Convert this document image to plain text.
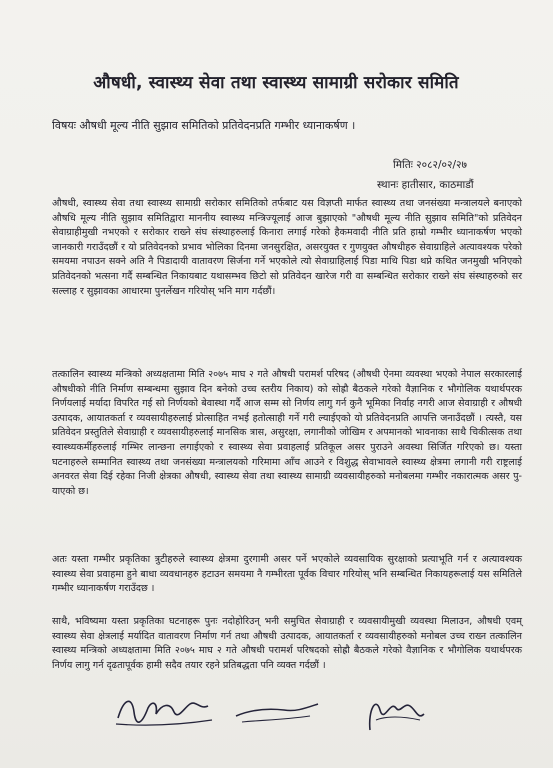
औषधी, स्वास्थ्य सेवा तथा स्वास्थ्य सामाग्री सरोकार समिति
विषयः औषधी मूल्य नीति सुझाव समितिको प्रतिवेदनप्रति गम्भीर ध्यानाकर्षण ।
मितिः २०८२/०२/२७
स्थानः हातीसार, काठमाडौं
औषधी, स्वास्थ्य सेवा तथा स्वास्थ्य सामाग्री सरोकार समितिको तर्फबाट यस विज्ञप्ती मार्फत स्वास्थ्य तथा जनसंख्या मन्त्रालयले बनाएको औषधि मूल्य नीति सुझाव समितिद्वारा माननीय स्वास्थ्य मन्त्रिज्यूलाई आज बुझाएको "औषधी मूल्य नीति सुझाव समिति"को प्रतिवेदन सेवाग्राहीमुखी नभएको र सरोकार राख्ने संघ संस्थाहरुलाई किनारा लगाई गरेको हैकमवादी नीति प्रति हाम्रो गम्भीर ध्यानाकर्षण भएको जानकारी गराउँदछौं र यो प्रतिवेदनको प्रभाव भोलिका दिनमा जनसुरक्षित, असरयुक्त र गुणयुक्त औषधीहरु सेवाग्राहिले अत्यावश्यक परेको समयमा नपाउन सक्ने अति नै पिडादायी वातावरण सिर्जना गर्ने भएकोले त्यो सेवाग्राहिलाई पिडा माथि पिडा थप्ने कथित जनमुखी भनिएको प्रतिवेदनको भत्सना गर्दै सम्बन्धित निकायबाट यथासम्भव छिटो सो प्रतिवेदन खारेज गरी वा सम्बन्धित सरोकार राख्ने संघ संस्थाहरुको सर सल्लाह र सुझावका आधारमा पुनर्लेखन गरियोस् भनि माग गर्दछौं।
तत्कालिन स्वास्थ्य मन्त्रिको अध्यक्षतामा मिति २०७५ माघ २ गते औषधी परामर्श परिषद (औषधी ऐनमा व्यवस्था भएको नेपाल सरकारलाई औषधीको नीति निर्माण सम्बन्धमा सुझाव दिन बनेको उच्च स्तरीय निकाय) को सोह्रौ बैठकले गरेको वैज्ञानिक र भौगोलिक यथार्थपरक निर्णयलाई मर्यादा विपरित गई सो निर्णयको बेवास्था गर्दै आज सम्म सो निर्णय लागु गर्न कुनै भूमिका निर्वाह नगरी आज सेवाग्राही र औषधी उत्पादक, आयातकर्ता र व्यवसायीहरुलाई प्रोत्साहित नभई हतोत्साही गर्ने गरी ल्याईएको यो प्रतिवेदनप्रति आपत्ति जनाउँदछौं । त्यस्तै, यस प्रतिवेदन प्रस्तुतिले सेवाग्राही र व्यवसायीहरुलाई मानसिक त्रास, असुरक्षा, लगानीको जोखिम र अपमानको भावनाका साथै चिकीत्सक तथा स्वास्थ्यकर्मीहरुलाई गम्भिर लान्छना लगाईएको र स्वास्थ्य सेवा प्रवाहलाई प्रतिकूल असर पुराउने अवस्था सिर्जित गरिएको छ। यस्ता घटनाहरुले सम्मानित स्वास्थ्य तथा जनसंख्या मन्त्रालयको गरिमामा आँच आउने र विशुद्ध सेवाभावले स्वास्थ्य क्षेत्रमा लगानी गरी राष्ट्रलाई अनवरत सेवा दिई रहेका निजी क्षेत्रका औषधी, स्वास्थ्य सेवा तथा स्वास्थ्य सामाग्री व्यवसायीहरुको मनोबलमा गम्भीर नकारात्मक असर पु-याएको छ।
अतः यस्ता गम्भीर प्रकृतिका त्रुटीहरुले स्वास्थ्य क्षेत्रमा दुरगामी असर पर्ने भएकोले व्यवसायिक सुरक्षाको प्रत्याभूति गर्न र अत्यावश्यक स्वास्थ्य सेवा प्रवाहमा हुने बाधा व्यवधानहरु हटाउन समयमा नै गम्भीरता पूर्वक विचार गरियोस् भनि सम्बन्धित निकायहरूलाई यस समितिले गम्भीर ध्यानाकर्षण गराउँदछ ।
साथै, भविष्यमा यस्ता प्रकृतिका घटनाहरू पुनः नदोहोरिउन् भनी समुचित सेवाग्राही र व्यवसायीमुखी व्यवस्था मिलाउन, औषधी एवम् स्वास्थ्य सेवा क्षेत्रलाई मर्यादित वातावरण निर्माण गर्न तथा औषधी उत्पादक, आयातकर्ता र व्यवसायीहरुको मनोबल उच्च राख्न तत्कालिन स्वास्थ्य मन्त्रिको अध्यक्षतामा मिति २०७५ माघ २ गते औषधी परामर्श परिषदको सोह्रौ बैठकले गरेको वैज्ञानिक र भौगोलिक यथार्थपरक निर्णय लागु गर्न दृढतापूर्वक हामी सदैव तयार रहने प्रतिबद्धता पनि व्यक्त गर्दछौं ।
